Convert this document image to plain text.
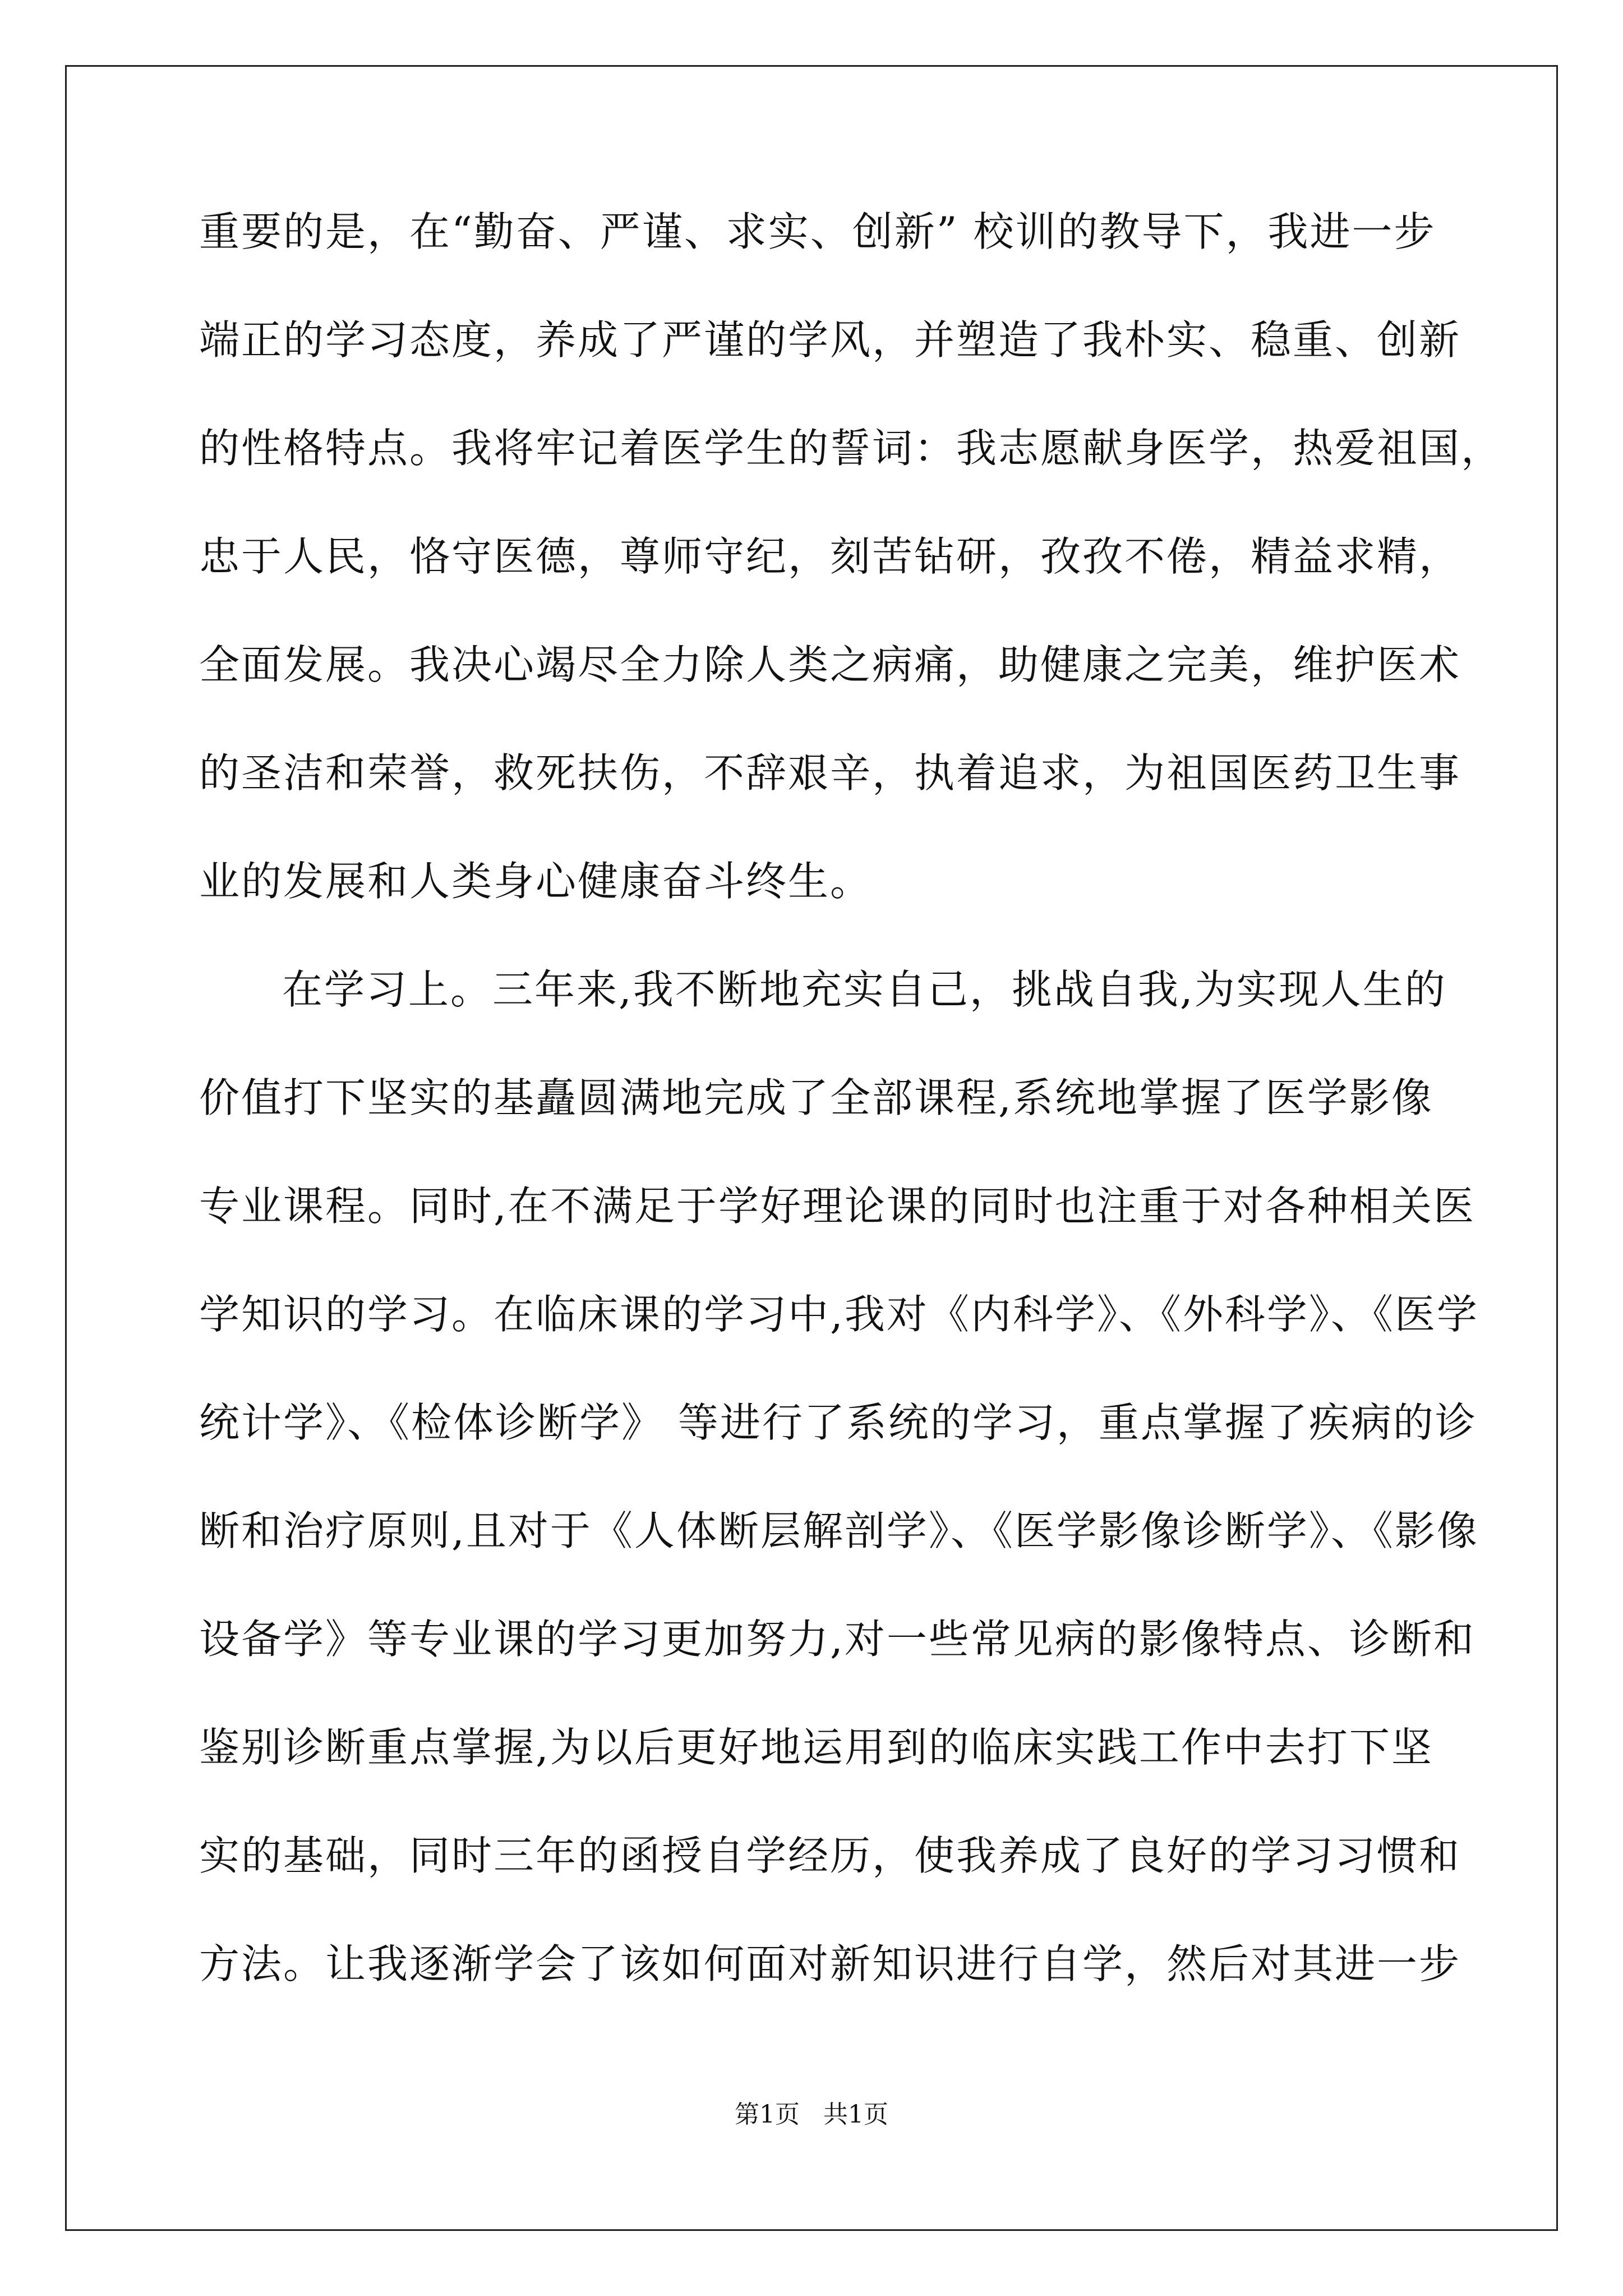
重要的是，在“勤奋、严谨、求实、创新” 校训的教导下，我进一步
端正的学习态度，养成了严谨的学风，并塑造了我朴实、稳重、创新
的性格特点。我将牢记着医学生的誓词：我志愿献身医学，热爱祖国，
忠于人民，恪守医德，尊师守纪，刻苦钻研，孜孜不倦，精益求精，
全面发展。我决心竭尽全力除人类之病痛，助健康之完美，维护医术
的圣洁和荣誉，救死扶伤，不辞艰辛，执着追求，为祖国医药卫生事
业的发展和人类身心健康奋斗终生。
在学习上。三年来,我不断地充实自己，挑战自我,为实现人生的
价值打下坚实的基矗圆满地完成了全部课程,系统地掌握了医学影像
专业课程。同时,在不满足于学好理论课的同时也注重于对各种相关医
学知识的学习。在临床课的学习中,我对《内科学》、《外科学》、《医学
统计学》、《检体诊断学》 等进行了系统的学习，重点掌握了疾病的诊
断和治疗原则,且对于《人体断层解剖学》、《医学影像诊断学》、《影像
设备学》等专业课的学习更加努力,对一些常见病的影像特点、诊断和
鉴别诊断重点掌握,为以后更好地运用到的临床实践工作中去打下坚
实的基础，同时三年的函授自学经历，使我养成了良好的学习习惯和
方法。让我逐渐学会了该如何面对新知识进行自学，然后对其进一步
第1页   共1页
